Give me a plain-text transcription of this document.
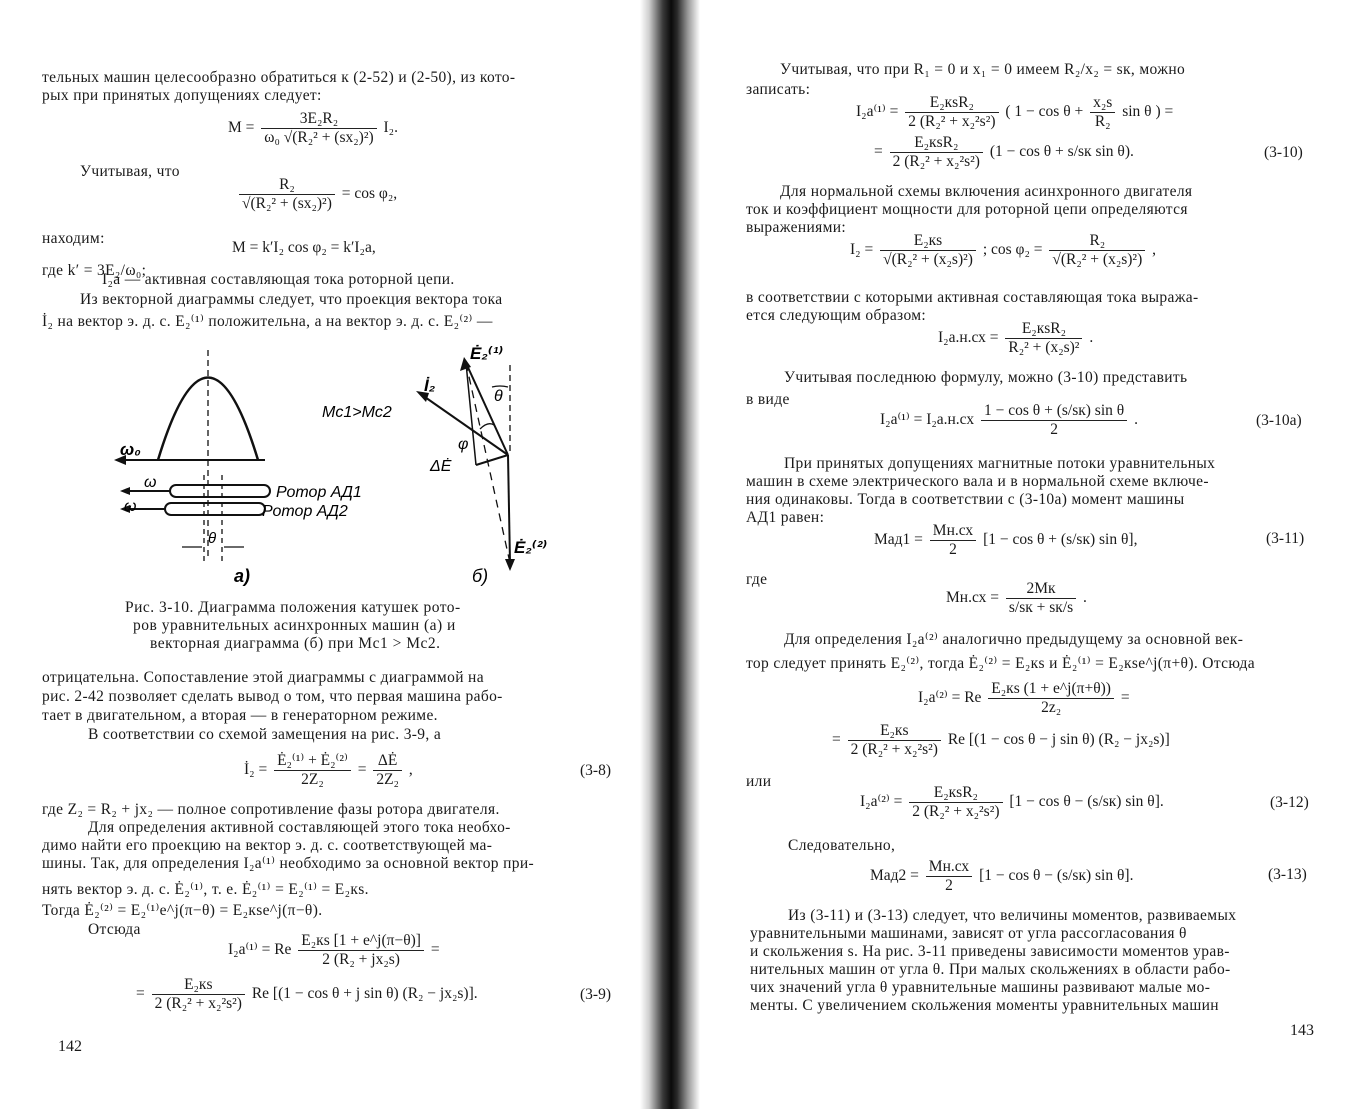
тельных машин целесообразно обратиться к (2-52) и (2-50), из кото-
рых при принятых допущениях следует:
$M = \frac{\text{3E₂R₂}}{\text{ω₀ √(R₂² + (sx₂)²)}} I_2$.
Учитывая, что
$\frac{\text{R₂}}{\text{√(R₂² + (sx₂)²)}} = \cos \varphi_2$,
находим:
M = k′I₂ cos φ₂ = k′I₂а,
где k′ = 3E₂/ω₀;
I₂а — активная составляющая тока роторной цепи.
Из векторной диаграммы следует, что проекция вектора тока
İ₂ на вектор э. д. с. E₂⁽¹⁾ положительна, а на вектор э. д. с. E₂⁽²⁾ —
ω₀
ω
ω
Ротор АД1
Ротор АД2
θ
а)
Mс1>Mс2
Ė₂⁽¹⁾
İ₂
θ
φ
ΔĖ
Ė₂⁽²⁾
б)
Рис. 3-10. Диаграмма положения катушек рото-
ров уравнительных асинхронных машин (а) и
векторная диаграмма (б) при Mс1 > Mс2.
отрицательна. Сопоставление этой диаграммы с диаграммой на
рис. 2-42 позволяет сделать вывод о том, что первая машина рабо-
тает в двигательном, а вторая — в генераторном режиме.
В соответствии со схемой замещения на рис. 3-9, а
İ₂ = $\frac{\text{Ė₂⁽¹⁾ + Ė₂⁽²⁾}}{\text{2Z₂}} = \frac{\Delta Ė}{\text{2Z₂}}$ ,	(3-8)
где Z₂ = R₂ + jx₂ — полное сопротивление фазы ротора двигателя.
Для определения активной составляющей этого тока необхо-
димо найти его проекцию на вектор э. д. с. соответствующей ма-
шины. Так, для определения I₂а⁽¹⁾ необходимо за основной вектор при-
нять вектор э. д. с. Ė₂⁽¹⁾, т. е. Ė₂⁽¹⁾ = E₂⁽¹⁾ = E₂кs.
Тогда Ė₂⁽²⁾ = E₂⁽¹⁾e^j(π−θ) = E₂кse^j(π−θ).
Отсюда
I₂а⁽¹⁾ = Re $\frac{\text{E₂кs [1 + e\textasciicircum{}j(π−θ)]}}{\text{2 (R₂ + jx₂s)}}$ =
= $\frac{\text{E₂кs}}{\text{2 (R₂² + x₂²s²)}}$ Re [(1 − cos θ + j sin θ) (R₂ − jx₂s)].	(3-9)
142
Учитывая, что при R₁ = 0 и x₁ = 0 имеем R₂/x₂ = sк, можно
записать:
$I_2а^{(1)} = \frac{\text{E₂кsR₂}}{\text{2 (R₂² + x₂²s²)}}$ ( $1 - \cos \theta + \frac{\text{x₂s}}{\text{R₂}}$ sin θ ) =
= $\frac{\text{E₂кsR₂}}{\text{2 (R₂² + x₂²s²)}} (1 - \cos \theta + s/sк$ sin θ).	(3-10)
Для нормальной схемы включения асинхронного двигателя
ток и коэффициент мощности для роторной цепи определяются
выражениями:
$I_2 = \frac{\text{E₂кs}}{\text{√(R₂² + (x₂s)²)}}$ ; $\cos \varphi_2 = \frac{\text{R₂}}{\text{√(R₂² + (x₂s)²)}}$ ,
в соответствии с которыми активная составляющая тока выража-
ется следующим образом:
$I_2а.н.сх = \frac{\text{E₂кsR₂}}{\text{R₂² + (x₂s)²}}$ .
Учитывая последнюю формулу, можно (3-10) представить
в виде
$I_2а^{(1)} = I_2а.н.сх \frac{\text{1 − cos θ + (s/sк) sin θ}}{2}$ .	(3-10а)
При принятых допущениях магнитные потоки уравнительных
машин в схеме электрического вала и в нормальной схеме включе-
ния одинаковы. Тогда в соответствии с (3-10а) момент машины
АД1 равен:
$Mад1 = \frac{Mн.сх}{2} [1 - \cos \theta + (s/sк)$ sin θ],	(3-11)
где
$Mн.сх = \frac{2Mк}{s/sк + sк/s}$ .
Для определения I₂а⁽²⁾ аналогично предыдущему за основной век-
тор следует принять E₂⁽²⁾, тогда Ė₂⁽²⁾ = E₂кs и Ė₂⁽¹⁾ = E₂кse^j(π+θ). Отсюда
I₂а⁽²⁾ = Re $\frac{\text{E₂кs (1 + e\textasciicircum{}j(π+θ))}}{\text{2z₂}}$ =
= $\frac{\text{E₂кs}}{\text{2 (R₂² + x₂²s²)}}$ Re [(1 − cos θ − j sin θ) (R₂ − jx₂s)]
или
$I_2а^{(2)} = \frac{\text{E₂кsR₂}}{\text{2 (R₂² + x₂²s²)}} [1 - \cos \theta - (s/sк)$ sin θ].	(3-12)
Следовательно,
$Mад2 = \frac{Mн.сх}{2} [1 - \cos \theta - (s/sк)$ sin θ].	(3-13)
Из (3-11) и (3-13) следует, что величины моментов, развиваемых
уравнительными машинами, зависят от угла рассогласования θ
и скольжения s. На рис. 3-11 приведены зависимости моментов урав-
нительных машин от угла θ. При малых скольжениях в области рабо-
чих значений угла θ уравнительные машины развивают малые мо-
менты. С увеличением скольжения моменты уравнительных машин
143
